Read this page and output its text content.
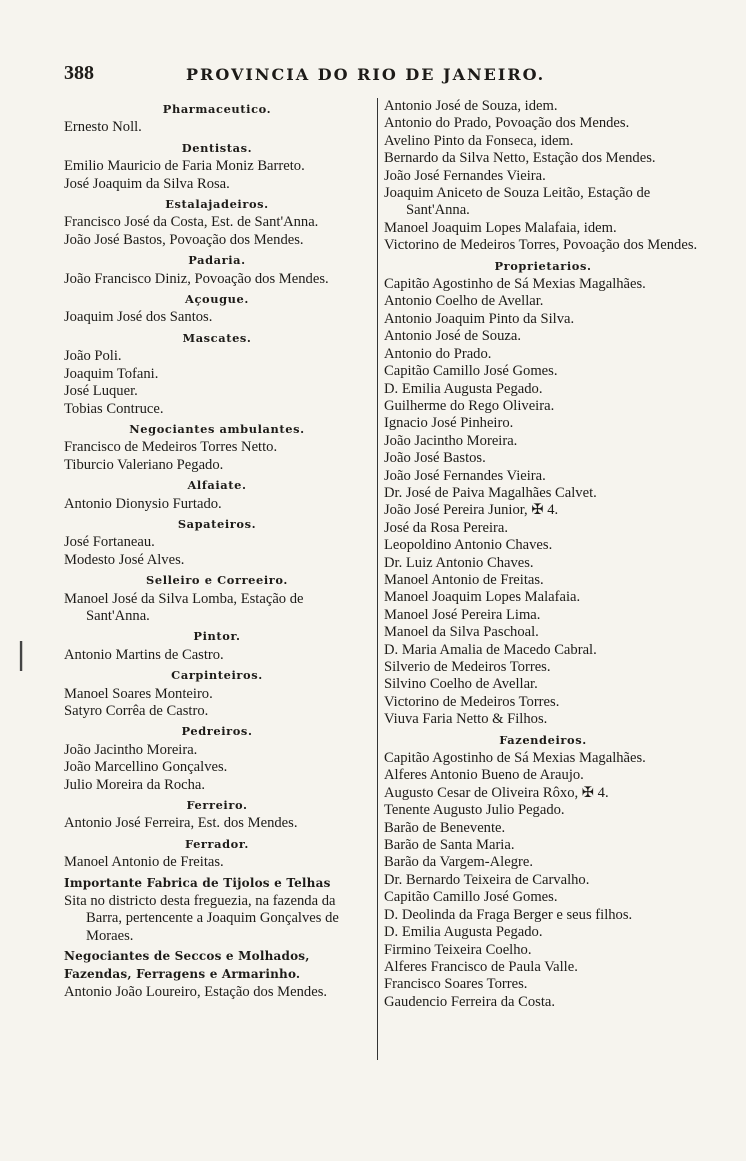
388	PROVINCIA DO RIO DE JANEIRO.
Pharmaceutico.
Ernesto Noll.
Dentistas.
Emilio Mauricio de Faria Moniz Barreto.
José Joaquim da Silva Rosa.
Estalajadeiros.
Francisco José da Costa, Est. de Sant'Anna.
João José Bastos, Povoação dos Mendes.
Padaria.
João Francisco Diniz, Povoação dos Mendes.
Açougue.
Joaquim José dos Santos.
Mascates.
João Poli.
Joaquim Tofani.
José Luquer.
Tobias Contruce.
Negociantes ambulantes.
Francisco de Medeiros Torres Netto.
Tiburcio Valeriano Pegado.
Alfaiate.
Antonio Dionysio Furtado.
Sapateiros.
José Fortaneau.
Modesto José Alves.
Selleiro e Correeiro.
Manoel José da Silva Lomba, Estação de Sant'Anna.
Pintor.
Antonio Martins de Castro.
Carpinteiros.
Manoel Soares Monteiro.
Satyro Corrêa de Castro.
Pedreiros.
João Jacintho Moreira.
João Marcellino Gonçalves.
Julio Moreira da Rocha.
Ferreiro.
Antonio José Ferreira, Est. dos Mendes.
Ferrador.
Manoel Antonio de Freitas.
Importante Fabrica de Tijolos e Telhas
Sita no districto desta freguezia, na fazenda da Barra, pertencente a Joaquim Gonçalves de Moraes.
Negociantes de Seccos e Molhados, Fazendas, Ferragens e Armarinho.
Antonio João Loureiro, Estação dos Mendes.
Antonio José de Souza, idem.
Antonio do Prado, Povoação dos Mendes.
Avelino Pinto da Fonseca, idem.
Bernardo da Silva Netto, Estação dos Mendes.
João José Fernandes Vieira.
Joaquim Aniceto de Souza Leitão, Estação de Sant'Anna.
Manoel Joaquim Lopes Malafaia, idem.
Victorino de Medeiros Torres, Povoação dos Mendes.
Proprietarios.
Capitão Agostinho de Sá Mexias Magalhães.
Antonio Coelho de Avellar.
Antonio Joaquim Pinto da Silva.
Antonio José de Souza.
Antonio do Prado.
Capitão Camillo José Gomes.
D. Emilia Augusta Pegado.
Guilherme do Rego Oliveira.
Ignacio José Pinheiro.
João Jacintho Moreira.
João José Bastos.
João José Fernandes Vieira.
Dr. José de Paiva Magalhães Calvet.
João José Pereira Junior, ✠ 4.
José da Rosa Pereira.
Leopoldino Antonio Chaves.
Dr. Luiz Antonio Chaves.
Manoel Antonio de Freitas.
Manoel Joaquim Lopes Malafaia.
Manoel José Pereira Lima.
Manoel da Silva Paschoal.
D. Maria Amalia de Macedo Cabral.
Silverio de Medeiros Torres.
Silvino Coelho de Avellar.
Victorino de Medeiros Torres.
Viuva Faria Netto & Filhos.
Fazendeiros.
Capitão Agostinho de Sá Mexias Magalhães.
Alferes Antonio Bueno de Araujo.
Augusto Cesar de Oliveira Rôxo, ✠ 4.
Tenente Augusto Julio Pegado.
Barão de Benevente.
Barão de Santa Maria.
Barão da Vargem-Alegre.
Dr. Bernardo Teixeira de Carvalho.
Capitão Camillo José Gomes.
D. Deolinda da Fraga Berger e seus filhos.
D. Emilia Augusta Pegado.
Firmino Teixeira Coelho.
Alferes Francisco de Paula Valle.
Francisco Soares Torres.
Gaudencio Ferreira da Costa.
|
